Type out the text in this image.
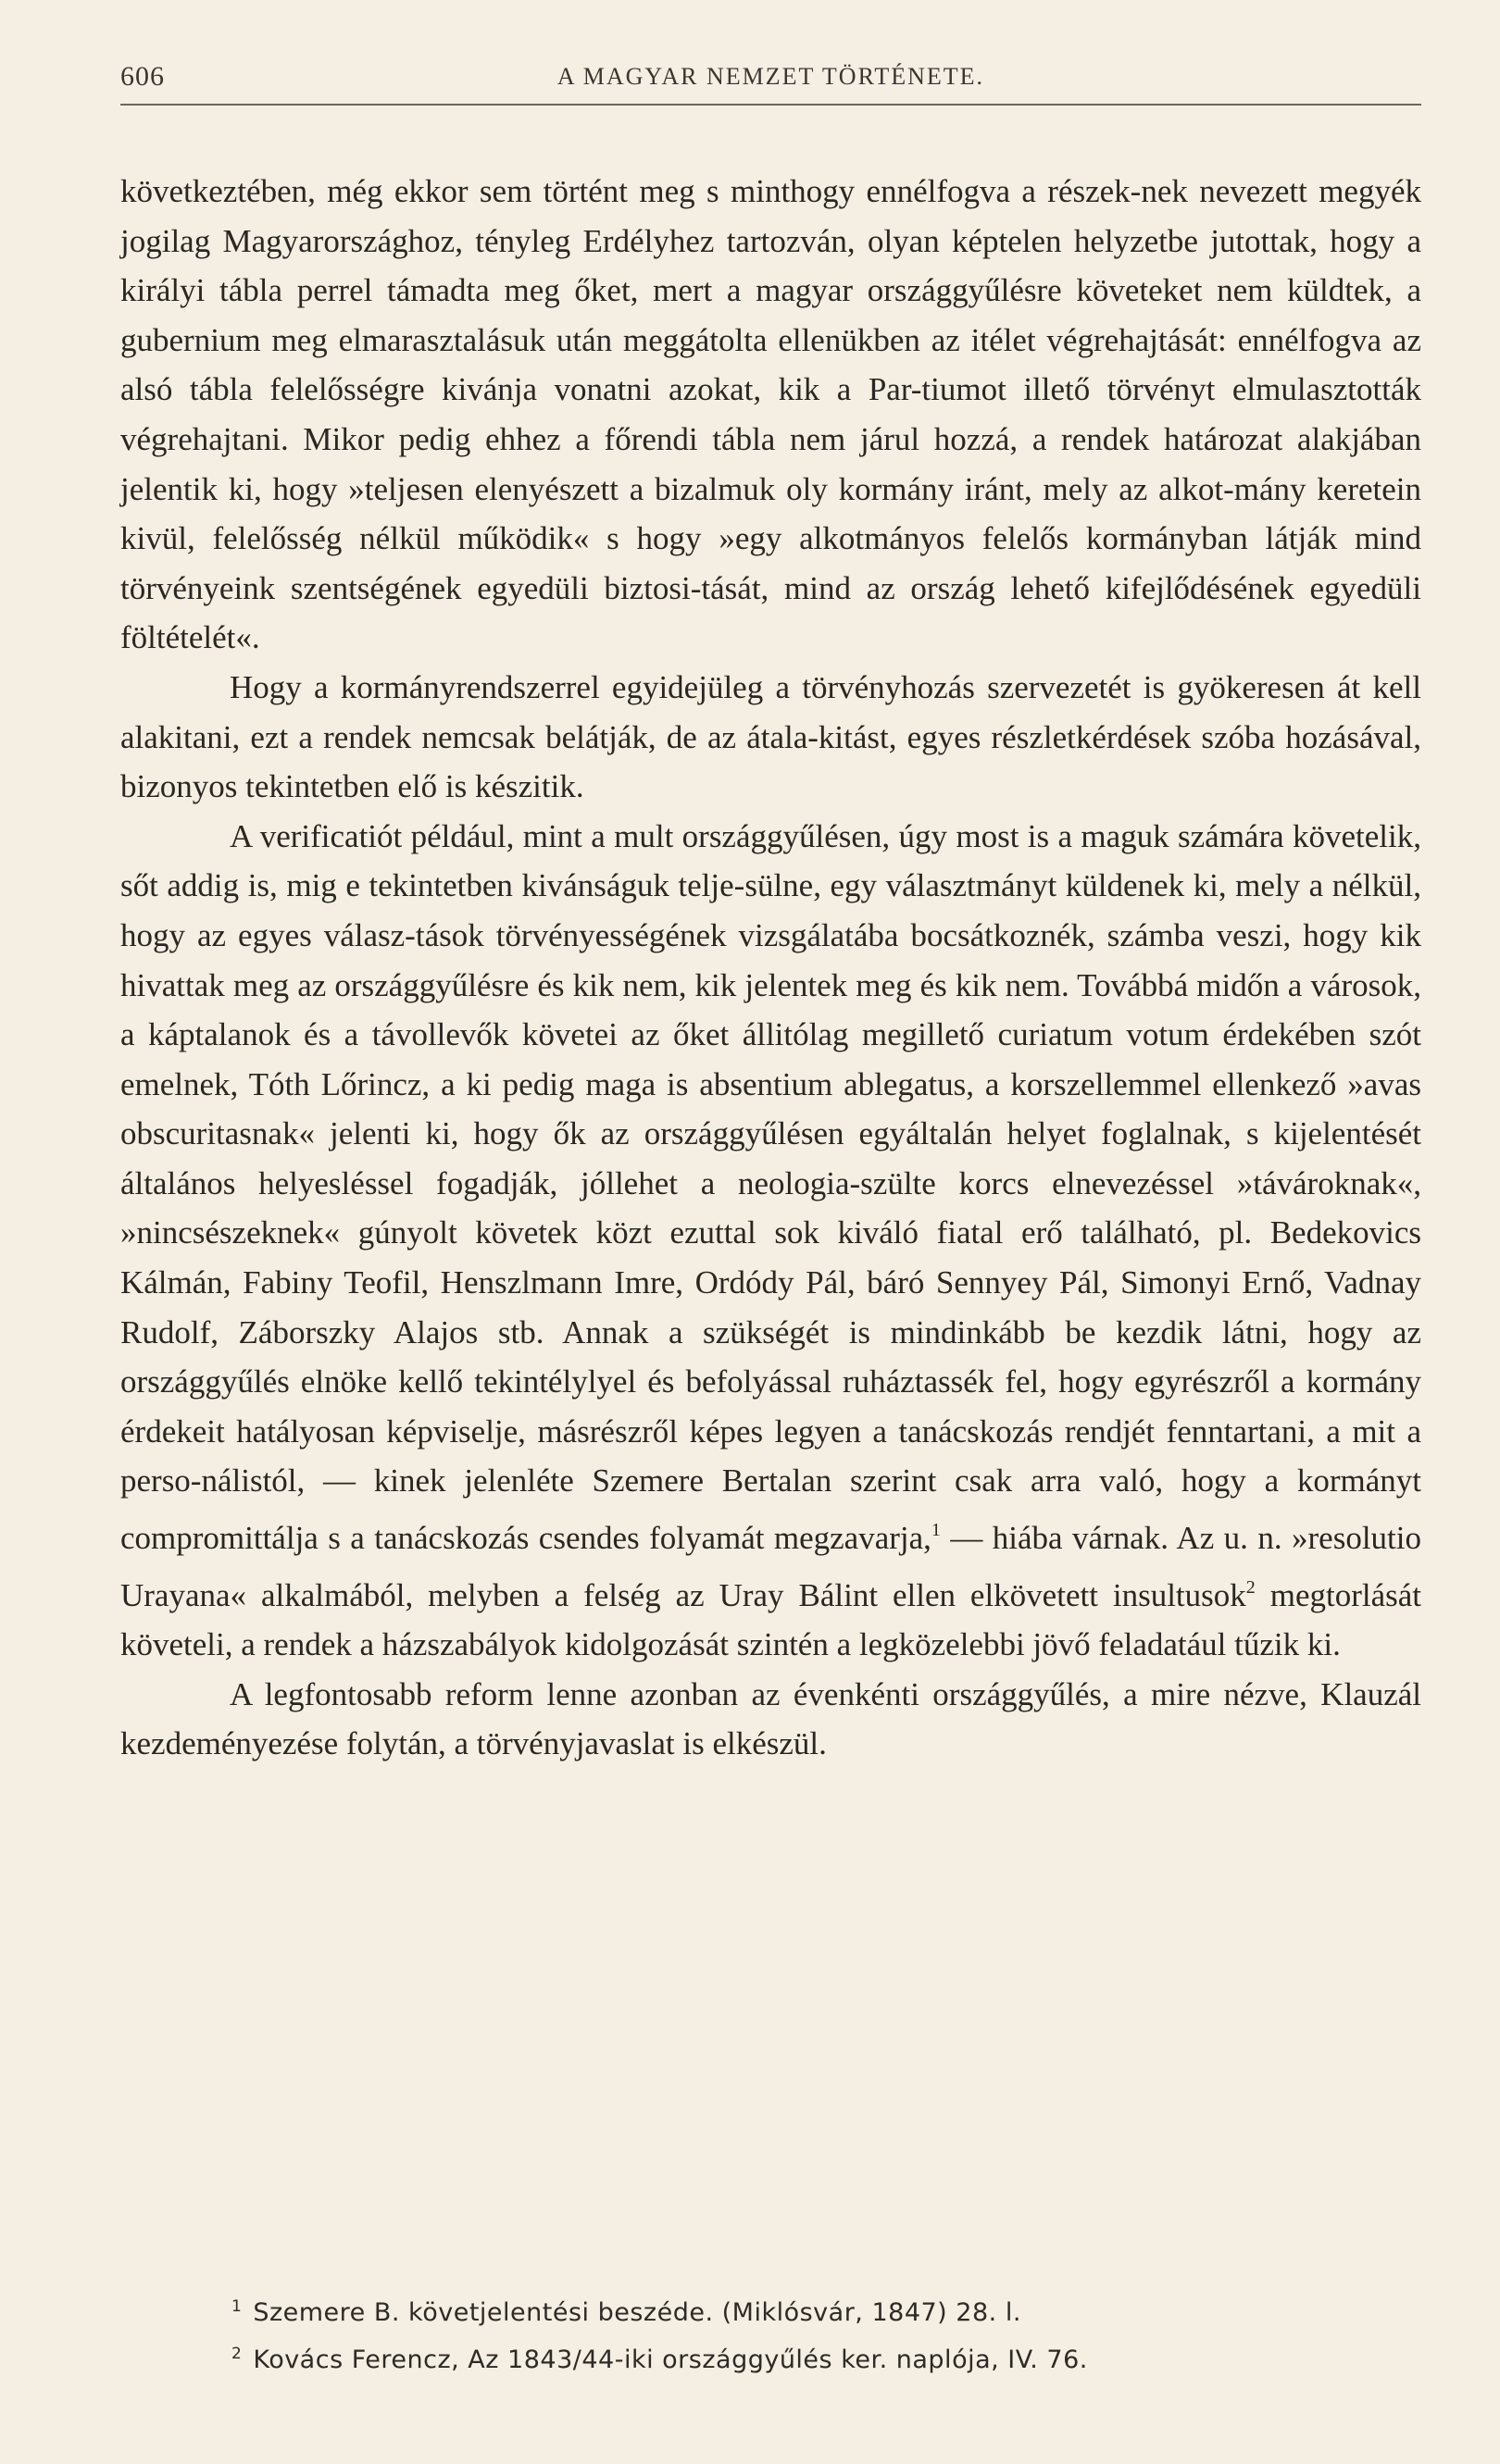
606	A MAGYAR NEMZET TÖRTÉNETE.

következtében, még ekkor sem történt meg s minthogy ennélfogva a részek-nek nevezett megyék jogilag Magyarországhoz, tényleg Erdélyhez tartozván, olyan képtelen helyzetbe jutottak, hogy a királyi tábla perrel támadta meg őket, mert a magyar országgyűlésre követeket nem küldtek, a gubernium meg elmarasztalásuk után meggátolta ellenükben az itélet végrehajtását: ennélfogva az alsó tábla felelősségre kivánja vonatni azokat, kik a Par-tiumot illető törvényt elmulasztották végrehajtani. Mikor pedig ehhez a főrendi tábla nem járul hozzá, a rendek határozat alakjában jelentik ki, hogy »teljesen elenyészett a bizalmuk oly kormány iránt, mely az alkot-mány keretein kivül, felelősség nélkül működik« s hogy »egy alkotmányos felelős kormányban látják mind törvényeink szentségének egyedüli biztosi-tását, mind az ország lehető kifejlődésének egyedüli föltételét«.

Hogy a kormányrendszerrel egyidejüleg a törvényhozás szervezetét is gyökeresen át kell alakitani, ezt a rendek nemcsak belátják, de az átala-kitást, egyes részletkérdések szóba hozásával, bizonyos tekintetben elő is készitik.

A verificatiót például, mint a mult országgyűlésen, úgy most is a maguk számára követelik, sőt addig is, mig e tekintetben kivánságuk telje-sülne, egy választmányt küldenek ki, mely a nélkül, hogy az egyes válasz-tások törvényességének vizsgálatába bocsátkoznék, számba veszi, hogy kik hivattak meg az országgyűlésre és kik nem, kik jelentek meg és kik nem. Továbbá midőn a városok, a káptalanok és a távollevők követei az őket állitólag megillető curiatum votum érdekében szót emelnek, Tóth Lőrincz, a ki pedig maga is absentium ablegatus, a korszellemmel ellenkező »avas obscuritasnak« jelenti ki, hogy ők az országgyűlésen egyáltalán helyet foglalnak, s kijelentését általános helyesléssel fogadják, jóllehet a neologia-szülte korcs elnevezéssel »távároknak«, »nincsészeknek« gúnyolt követek közt ezuttal sok kiváló fiatal erő található, pl. Bedekovics Kálmán, Fabiny Teofil, Henszlmann Imre, Ordódy Pál, báró Sennyey Pál, Simonyi Ernő, Vadnay Rudolf, Záborszky Alajos stb. Annak a szükségét is mindinkább be kezdik látni, hogy az országgyűlés elnöke kellő tekintélylyel és befolyással ruháztassék fel, hogy egyrészről a kormány érdekeit hatályosan képviselje, másrészről képes legyen a tanácskozás rendjét fenntartani, a mit a perso-nálistól, — kinek jelenléte Szemere Bertalan szerint csak arra való, hogy a kormányt compromittálja s a tanácskozás csendes folyamát megzavarja,$^1$ — hiába várnak. Az u. n. »resolutio Urayana« alkalmából, melyben a felség az Uray Bálint ellen elkövetett insultusok$^2$ megtorlását követeli, a rendek a házszabályok kidolgozását szintén a legközelebbi jövő feladatául tűzik ki.

A legfontosabb reform lenne azonban az évenkénti országgyűlés, a mire nézve, Klauzál kezdeményezése folytán, a törvényjavaslat is elkészül.

$^1$ Szemere B. követjelentési beszéde. (Miklósvár, 1847) 28. l.

$^2$ Kovács Ferencz, Az 1843/44-iki országgyűlés ker. naplója, IV. 76.
